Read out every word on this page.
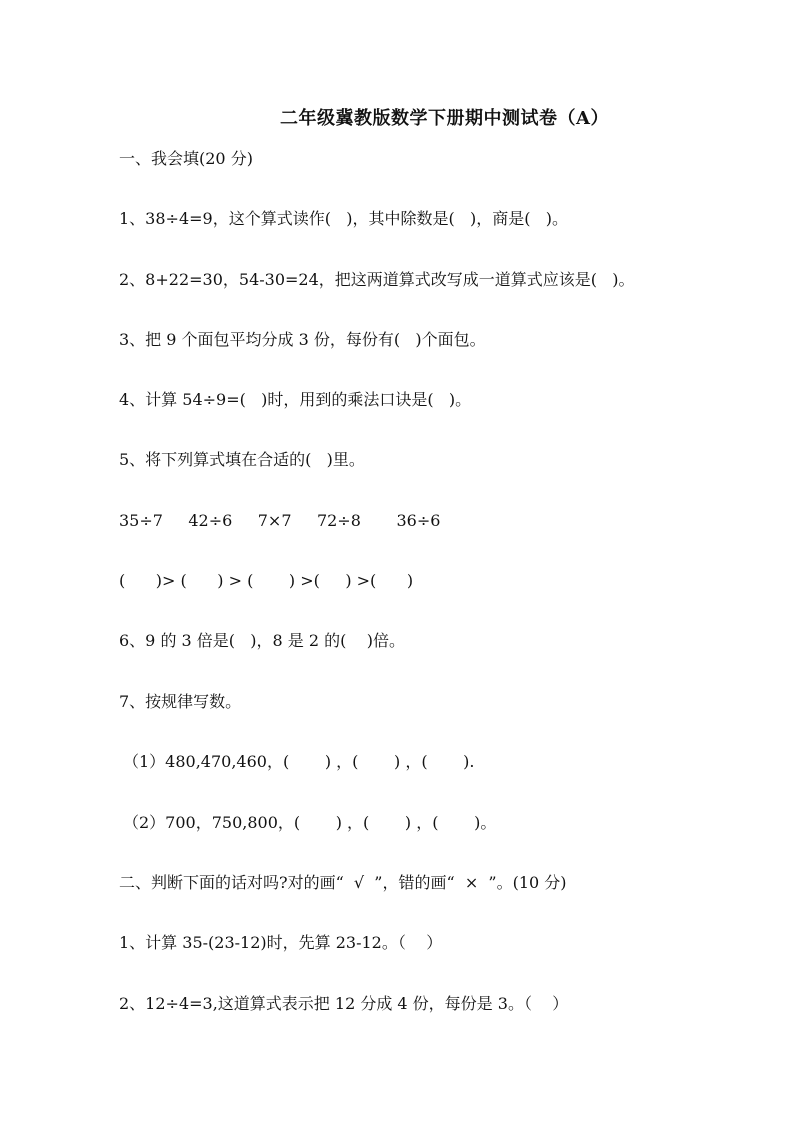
二年级冀教版数学下册期中测试卷（A）
一、我会填(20 分)
1、38÷4=9，这个算式读作(   )，其中除数是(   )，商是(   )。
2、8+22=30，54-30=24，把这两道算式改写成一道算式应该是(   )。
3、把 9 个面包平均分成 3 份，每份有(   )个面包。
4、计算 54÷9=(   )时，用到的乘法口诀是(   )。
5、将下列算式填在合适的(   )里。
35÷7     42÷6     7×7     72÷8       36÷6
(      )> (      ) > (       ) >(     ) >(      )
6、9 的 3 倍是(   )，8 是 2 的(    )倍。
7、按规律写数。
（1）480,470,460，(       ) ，(       ) ，(       ).
（2）700，750,800，(       ) ，(       ) ，(       )。
二、判断下面的话对吗?对的画“  √  ”，错的画“  ×  ”。(10 分)
1、计算 35-(23-12)时，先算 23-12。（    ）
2、12÷4=3,这道算式表示把 12 分成 4 份，每份是 3。（    ）
